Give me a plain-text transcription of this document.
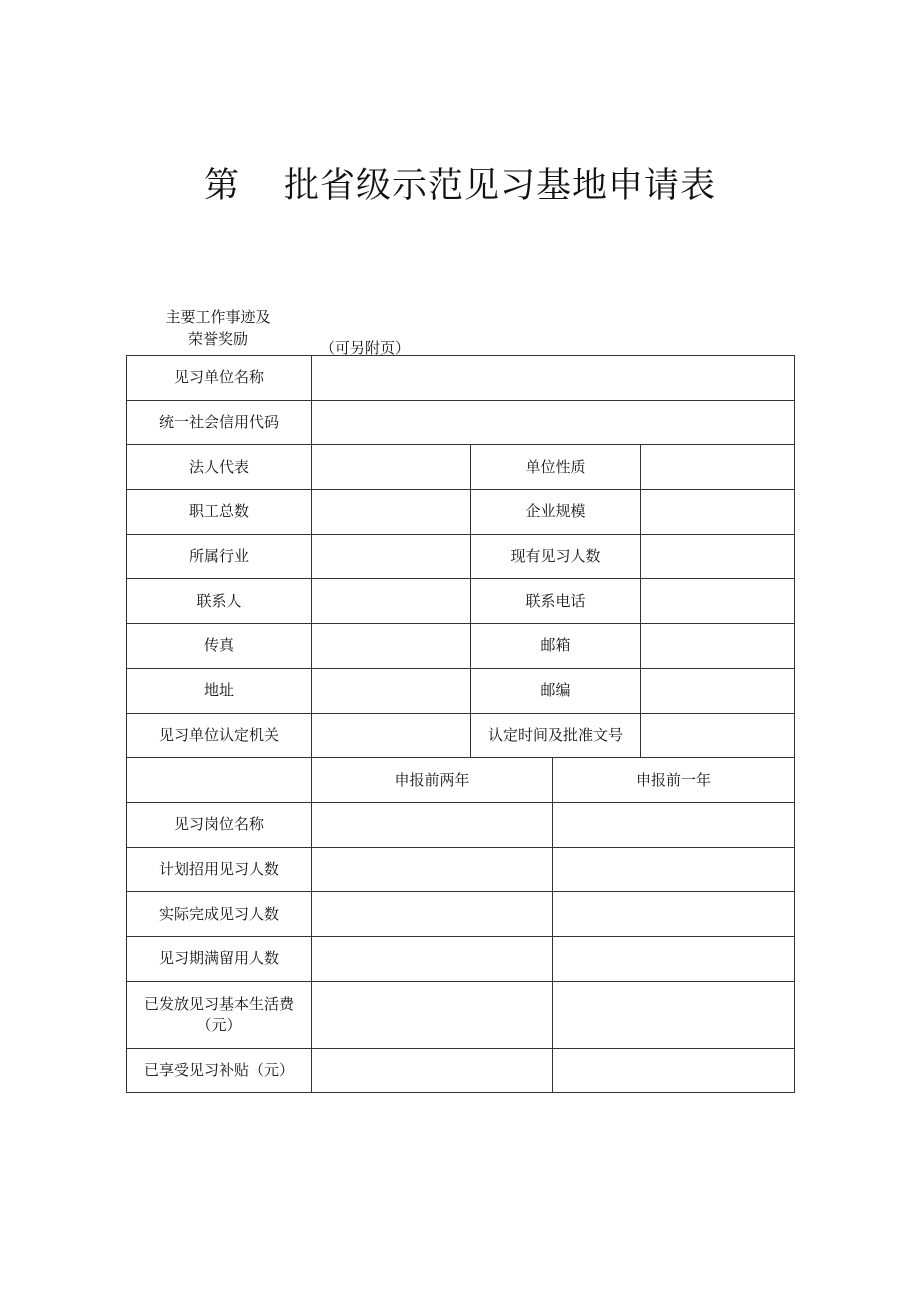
第 批省级示范见习基地申请表
主要工作事迹及
荣誉奖励	（可另附页）
见习单位名称				
统一社会信用代码				
法人代表		单位性质		
职工总数		企业规模		
所属行业		现有见习人数		
联系人		联系电话		
传真		邮箱		
地址		邮编		
见习单位认定机关		认定时间及批准文号		
	申报前两年		申报前一年	
见习岗位名称				
计划招用见习人数				
实际完成见习人数				
见习期满留用人数				

已发放见习基本生活费
（元）				

已享受见习补贴（元）				
